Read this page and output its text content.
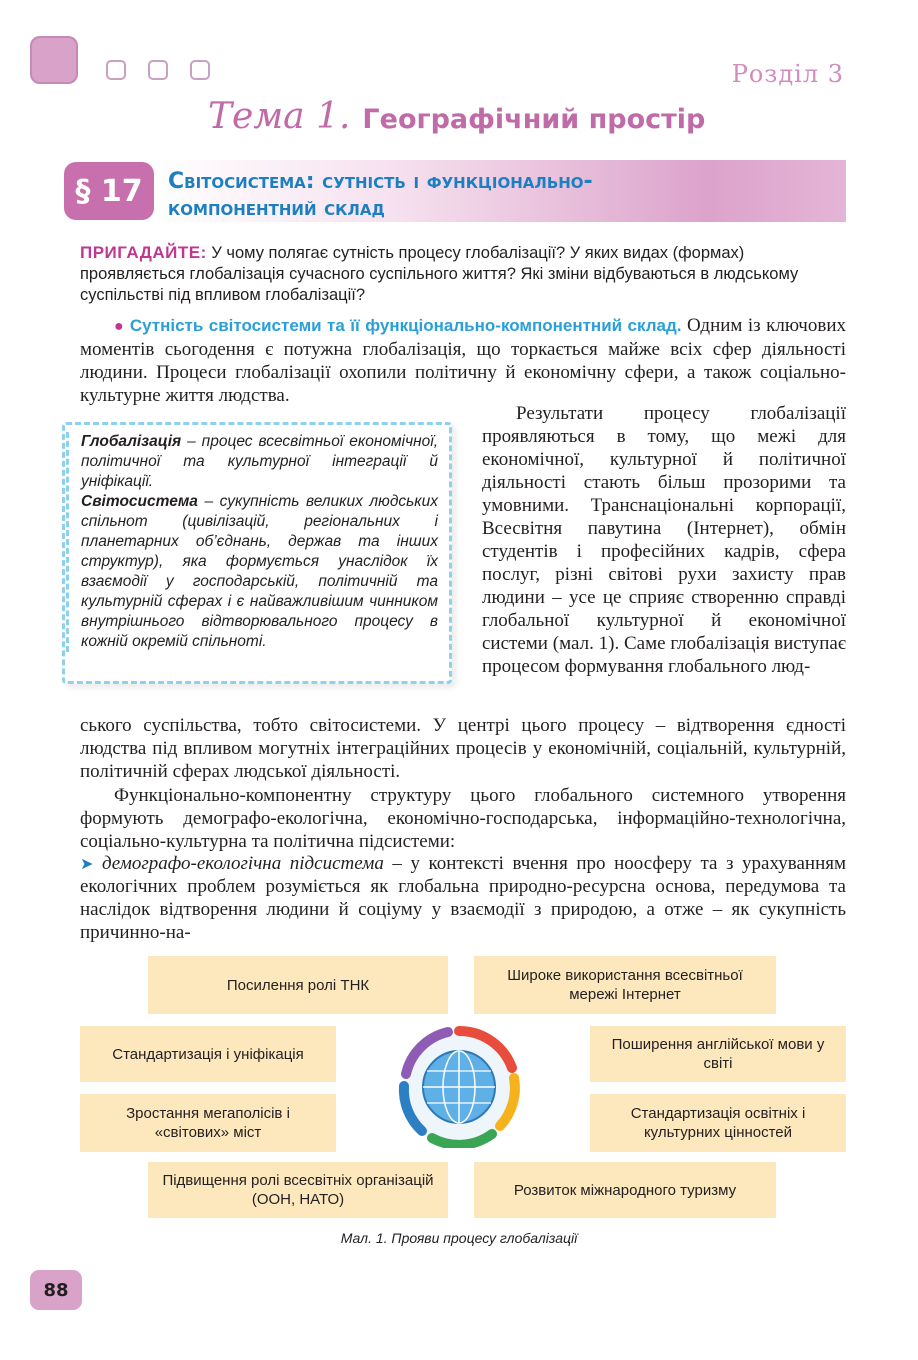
Розділ 3
Тема 1. Географічний простір
§ 17	Світосистема: сутність і функціонально-
компонентний склад
ПРИГАДАЙТЕ: У чому полягає сутність процесу глобалізації? У яких видах (формах) проявляється глобалізація сучасного суспільного життя? Які зміни відбуваються в людському суспільстві під впливом глобалізації?
● Сутність світосистеми та її функціонально-компонентний склад. Одним із ключових моментів сьогодення є потужна глобалізація, що торкається майже всіх сфер діяльності людини. Процеси глобалізації охопили політичну й економічну сфери, а також соціально-культурне життя людства.
Глобалізація – процес всесвітньої економічної, політичної та культурної інтеграції й уніфікації.
Світосистема – сукупність великих людських спільнот (цивілізацій, регіональних і планетарних об’єднань, держав та інших структур), яка формується унаслідок їх взаємодії у господарській, політичній та культурній сферах і є найважливішим чинником внутрішнього відтворювального процесу в кожній окремій спільноті.
Результати процесу глобалізації проявляються в тому, що межі для економічної, культурної й політичної діяльності стають більш прозорими та умовними. Транснаціональні корпорації, Всесвітня павутина (Інтернет), обмін студентів і професійних кадрів, сфера послуг, різні світові рухи захисту прав людини – усе це сприяє створенню справді глобальної культурної й економічної системи (мал. 1). Саме глобалізація виступає процесом формування глобального люд-
ського суспільства, тобто світосистеми. У центрі цього процесу – відтворення єдності людства під впливом могутніх інтеграційних процесів у економічній, соціальній, культурній, політичній сферах людської діяльності.
Функціонально-компонентну структуру цього глобального системного утворення формують демографо-екологічна, економічно-господарська, інформаційно-технологічна, соціально-культурна та політична підсистеми:
➤ демографо-екологічна підсистема – у контексті вчення про ноосферу та з урахуванням екологічних проблем розуміється як глобальна природно-ресурсна основа, передумова та наслідок відтворення людини й соціуму у взаємодії з природою, а отже – як сукупність причинно-на-
Посилення ролі ТНК
Широке використання всесвітньої мережі Інтернет
Стандартизація і уніфікація
Поширення англійської мови у світі
Зростання мегаполісів і «світових» міст
Стандартизація освітніх і культурних цінностей
Підвищення ролі всесвітніх організацій (ООН, НАТО)
Розвиток міжнародного туризму
Мал. 1. Прояви процесу глобалізації
88
